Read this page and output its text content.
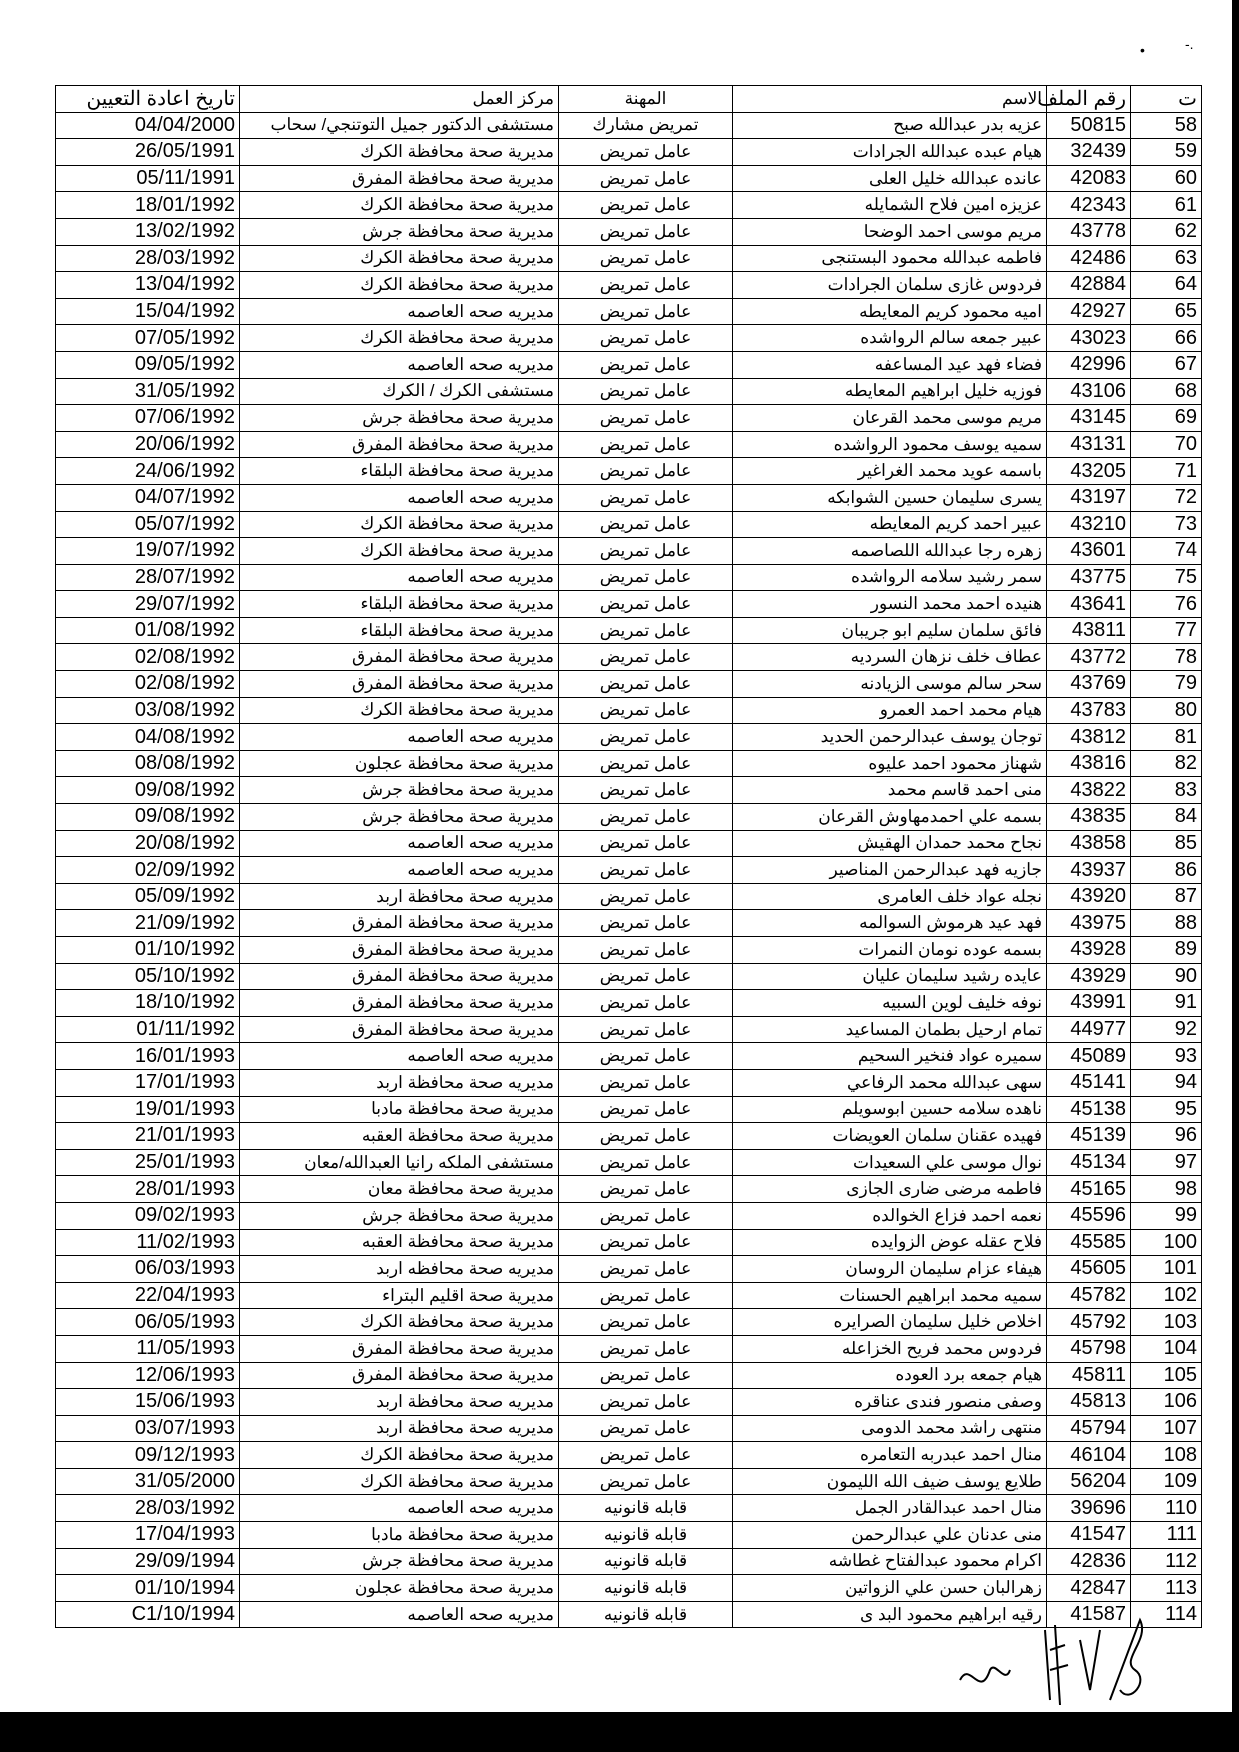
ت	رقم الملف	الاسم	المهنة	مركز العمل	تاريخ اعادة التعيين
58	50815	عزيه بدر عبدالله صبح	تمريض مشارك	مستشفى الدكتور جميل التوتنجي/ سحاب	04/04/2000
59	32439	هيام عبده عبدالله الجرادات	عامل تمريض	مديرية صحة محافظة الكرك	26/05/1991
60	42083	عانده عبدالله خليل العلى	عامل تمريض	مديرية صحة محافظة المفرق	05/11/1991
61	42343	عزيزه امين فلاح الشمايله	عامل تمريض	مديرية صحة محافظة الكرك	18/01/1992
62	43778	مريم موسى احمد الوضحا	عامل تمريض	مديرية صحة محافظة جرش	13/02/1992
63	42486	فاطمه عبدالله محمود البستنجى	عامل تمريض	مديرية صحة محافظة الكرك	28/03/1992
64	42884	فردوس غازى سلمان الجرادات	عامل تمريض	مديرية صحة محافظة الكرك	13/04/1992
65	42927	اميه محمود كريم المعايطه	عامل تمريض	مديريه صحه العاصمه	15/04/1992
66	43023	عبير جمعه سالم الرواشده	عامل تمريض	مديرية صحة محافظة الكرك	07/05/1992
67	42996	فضاء فهد عيد المساعفه	عامل تمريض	مديريه صحه العاصمه	09/05/1992
68	43106	فوزيه خليل ابراهيم المعايطه	عامل تمريض	مستشفى الكرك / الكرك	31/05/1992
69	43145	مريم موسى محمد القرعان	عامل تمريض	مديرية صحة محافظة جرش	07/06/1992
70	43131	سميه يوسف محمود الرواشده	عامل تمريض	مديرية صحة محافظة المفرق	20/06/1992
71	43205	باسمه عويد محمد الغراغير	عامل تمريض	مديرية صحة محافظة البلقاء	24/06/1992
72	43197	يسرى سليمان حسين الشوابكه	عامل تمريض	مديريه صحه العاصمه	04/07/1992
73	43210	عبير احمد كريم المعايطه	عامل تمريض	مديرية صحة محافظة الكرك	05/07/1992
74	43601	زهره رجا عبدالله اللصاصمه	عامل تمريض	مديرية صحة محافظة الكرك	19/07/1992
75	43775	سمر رشيد سلامه الرواشده	عامل تمريض	مديريه صحه العاصمه	28/07/1992
76	43641	هنيده احمد محمد النسور	عامل تمريض	مديرية صحة محافظة البلقاء	29/07/1992
77	43811	فائق سلمان سليم ابو جريبان	عامل تمريض	مديرية صحة محافظة البلقاء	01/08/1992
78	43772	عطاف خلف نزهان السرديه	عامل تمريض	مديرية صحة محافظة المفرق	02/08/1992
79	43769	سحر سالم موسى الزيادنه	عامل تمريض	مديرية صحة محافظة المفرق	02/08/1992
80	43783	هيام محمد احمد العمرو	عامل تمريض	مديرية صحة محافظة الكرك	03/08/1992
81	43812	توجان يوسف عبدالرحمن الحديد	عامل تمريض	مديريه صحه العاصمه	04/08/1992
82	43816	شهناز محمود احمد عليوه	عامل تمريض	مديرية صحة محافظة عجلون	08/08/1992
83	43822	منى احمد قاسم محمد	عامل تمريض	مديرية صحة محافظة جرش	09/08/1992
84	43835	بسمه علي احمدمهاوش القرعان	عامل تمريض	مديرية صحة محافظة جرش	09/08/1992
85	43858	نجاح محمد حمدان الهقيش	عامل تمريض	مديريه صحه العاصمه	20/08/1992
86	43937	جازيه فهد عبدالرحمن المناصير	عامل تمريض	مديريه صحه العاصمه	02/09/1992
87	43920	نجله عواد خلف العامرى	عامل تمريض	مديريه صحة محافظة اربد	05/09/1992
88	43975	فهد عيد هرموش السوالمه	عامل تمريض	مديرية صحة محافظة المفرق	21/09/1992
89	43928	بسمه عوده نومان النمرات	عامل تمريض	مديرية صحة محافظة المفرق	01/10/1992
90	43929	عايده رشيد سليمان عليان	عامل تمريض	مديرية صحة محافظة المفرق	05/10/1992
91	43991	نوفه خليف لوين السبيه	عامل تمريض	مديرية صحة محافظة المفرق	18/10/1992
92	44977	تمام ارحيل بطمان المساعيد	عامل تمريض	مديرية صحة محافظة المفرق	01/11/1992
93	45089	سميره عواد فنخير السحيم	عامل تمريض	مديريه صحه العاصمه	16/01/1993
94	45141	سهى عبدالله محمد الرفاعي	عامل تمريض	مديريه صحة محافظة اربد	17/01/1993
95	45138	ناهده سلامه حسين ابوسويلم	عامل تمريض	مديرية صحة محافظة مادبا	19/01/1993
96	45139	فهيده عقنان سلمان العويضات	عامل تمريض	مديرية صحة محافظة العقبه	21/01/1993
97	45134	نوال موسى علي السعيدات	عامل تمريض	مستشفى الملكه رانيا العبدالله/معان	25/01/1993
98	45165	فاطمه مرضى ضارى الجازى	عامل تمريض	مديرية صحة محافظة معان	28/01/1993
99	45596	نعمه احمد فزاع الخوالده	عامل تمريض	مديرية صحة محافظة جرش	09/02/1993
100	45585	فلاح عقله عوض الزوايده	عامل تمريض	مديرية صحة محافظة العقبه	11/02/1993
101	45605	هيفاء عزام سليمان الروسان	عامل تمريض	مديريه صحة محافظه اربد	06/03/1993
102	45782	سميه محمد ابراهيم الحسنات	عامل تمريض	مديرية صحة اقليم البتراء	22/04/1993
103	45792	اخلاص خليل سليمان الصرايره	عامل تمريض	مديرية صحة محافظة الكرك	06/05/1993
104	45798	فردوس محمد فريح الخزاعله	عامل تمريض	مديرية صحة محافظة المفرق	11/05/1993
105	45811	هيام جمعه برد العوده	عامل تمريض	مديرية صحة محافظة المفرق	12/06/1993
106	45813	وصفى منصور فندى عناقره	عامل تمريض	مديريه صحة محافظة اربد	15/06/1993
107	45794	منتهى راشد محمد الدومى	عامل تمريض	مديريه صحة محافظة اربد	03/07/1993
108	46104	منال احمد عبدربه التعامره	عامل تمريض	مديرية صحة محافظة الكرك	09/12/1993
109	56204	طلايع يوسف ضيف الله الليمون	عامل تمريض	مديرية صحة محافظة الكرك	31/05/2000
110	39696	منال احمد عبدالقادر الجمل	قابله قانونيه	مديريه صحه العاصمه	28/03/1992
111	41547	منى عدنان علي عبدالرحمن	قابله قانونيه	مديرية صحة محافظة مادبا	17/04/1993
112	42836	اكرام محمود عبدالفتاح غطاشه	قابله قانونيه	مديرية صحة محافظة جرش	29/09/1994
113	42847	زهرالبان حسن علي الزواتين	قابله قانونيه	مديرية صحة محافظة عجلون	01/10/1994
114	41587	رقيه ابراهيم محمود البد ى	قابله قانونيه	مديريه صحه العاصمه	C1/10/1994
•	-.
